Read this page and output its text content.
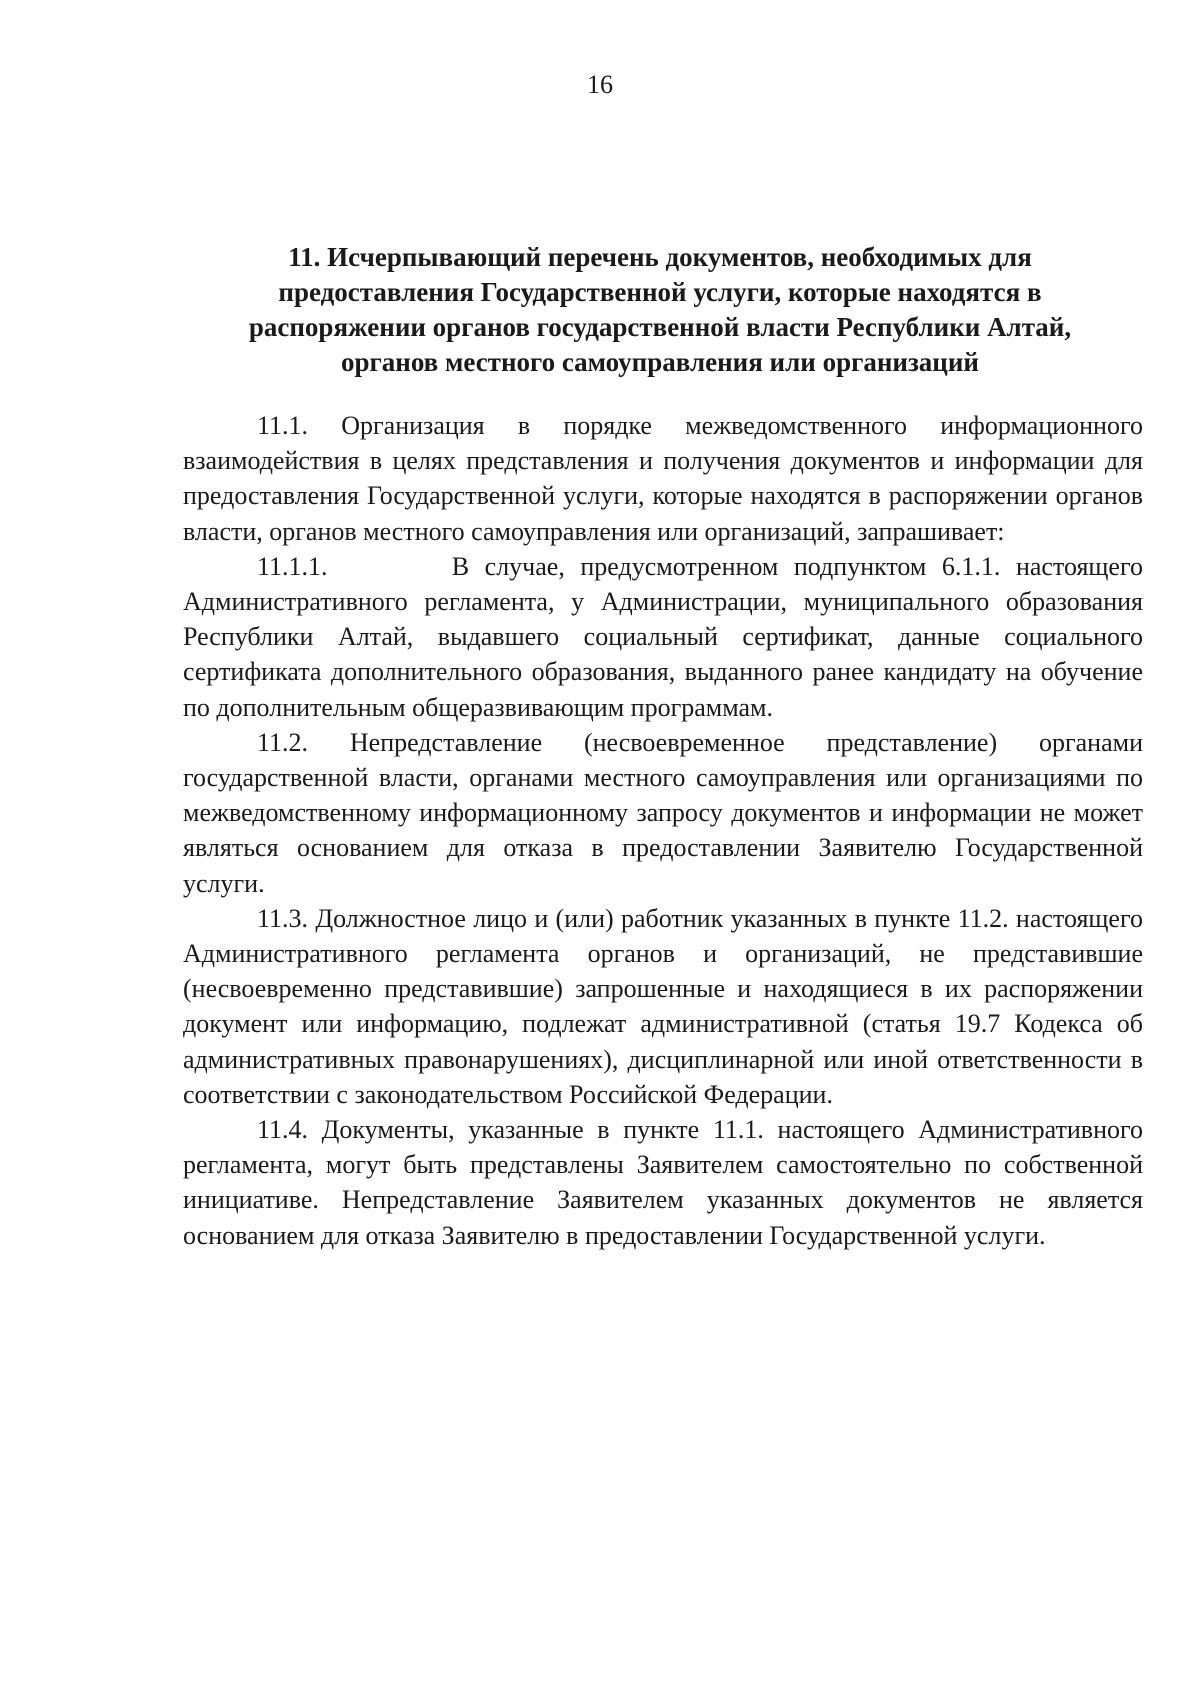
16
11. Исчерпывающий перечень документов, необходимых для
предоставления Государственной услуги, которые находятся в
распоряжении органов государственной власти Республики Алтай,
органов местного самоуправления или организаций

11.1. Организация в порядке межведомственного информационного взаимодействия в целях представления и получения документов и информации для предоставления Государственной услуги, которые находятся в распоряжении органов власти, органов местного самоуправления или организаций, запрашивает:

11.1.1.        В случае, предусмотренном подпунктом 6.1.1. настоящего Административного регламента, у Администрации, муниципального образования Республики Алтай, выдавшего социальный сертификат, данные социального сертификата дополнительного образования, выданного ранее кандидату на обучение по дополнительным общеразвивающим программам.

11.2. Непредставление (несвоевременное представление) органами государственной власти, органами местного самоуправления или организациями по межведомственному информационному запросу документов и информации не может являться основанием для отказа в предоставлении Заявителю Государственной услуги.

11.3. Должностное лицо и (или) работник указанных в пункте 11.2. настоящего Административного регламента органов и организаций, не представившие (несвоевременно представившие) запрошенные и находящиеся в их распоряжении документ или информацию, подлежат административной (статья 19.7 Кодекса об административных правонарушениях), дисциплинарной или иной ответственности в соответствии с законодательством Российской Федерации.

11.4. Документы, указанные в пункте 11.1. настоящего Административного регламента, могут быть представлены Заявителем самостоятельно по собственной инициативе. Непредставление Заявителем указанных документов не является основанием для отказа Заявителю в предоставлении Государственной услуги.
